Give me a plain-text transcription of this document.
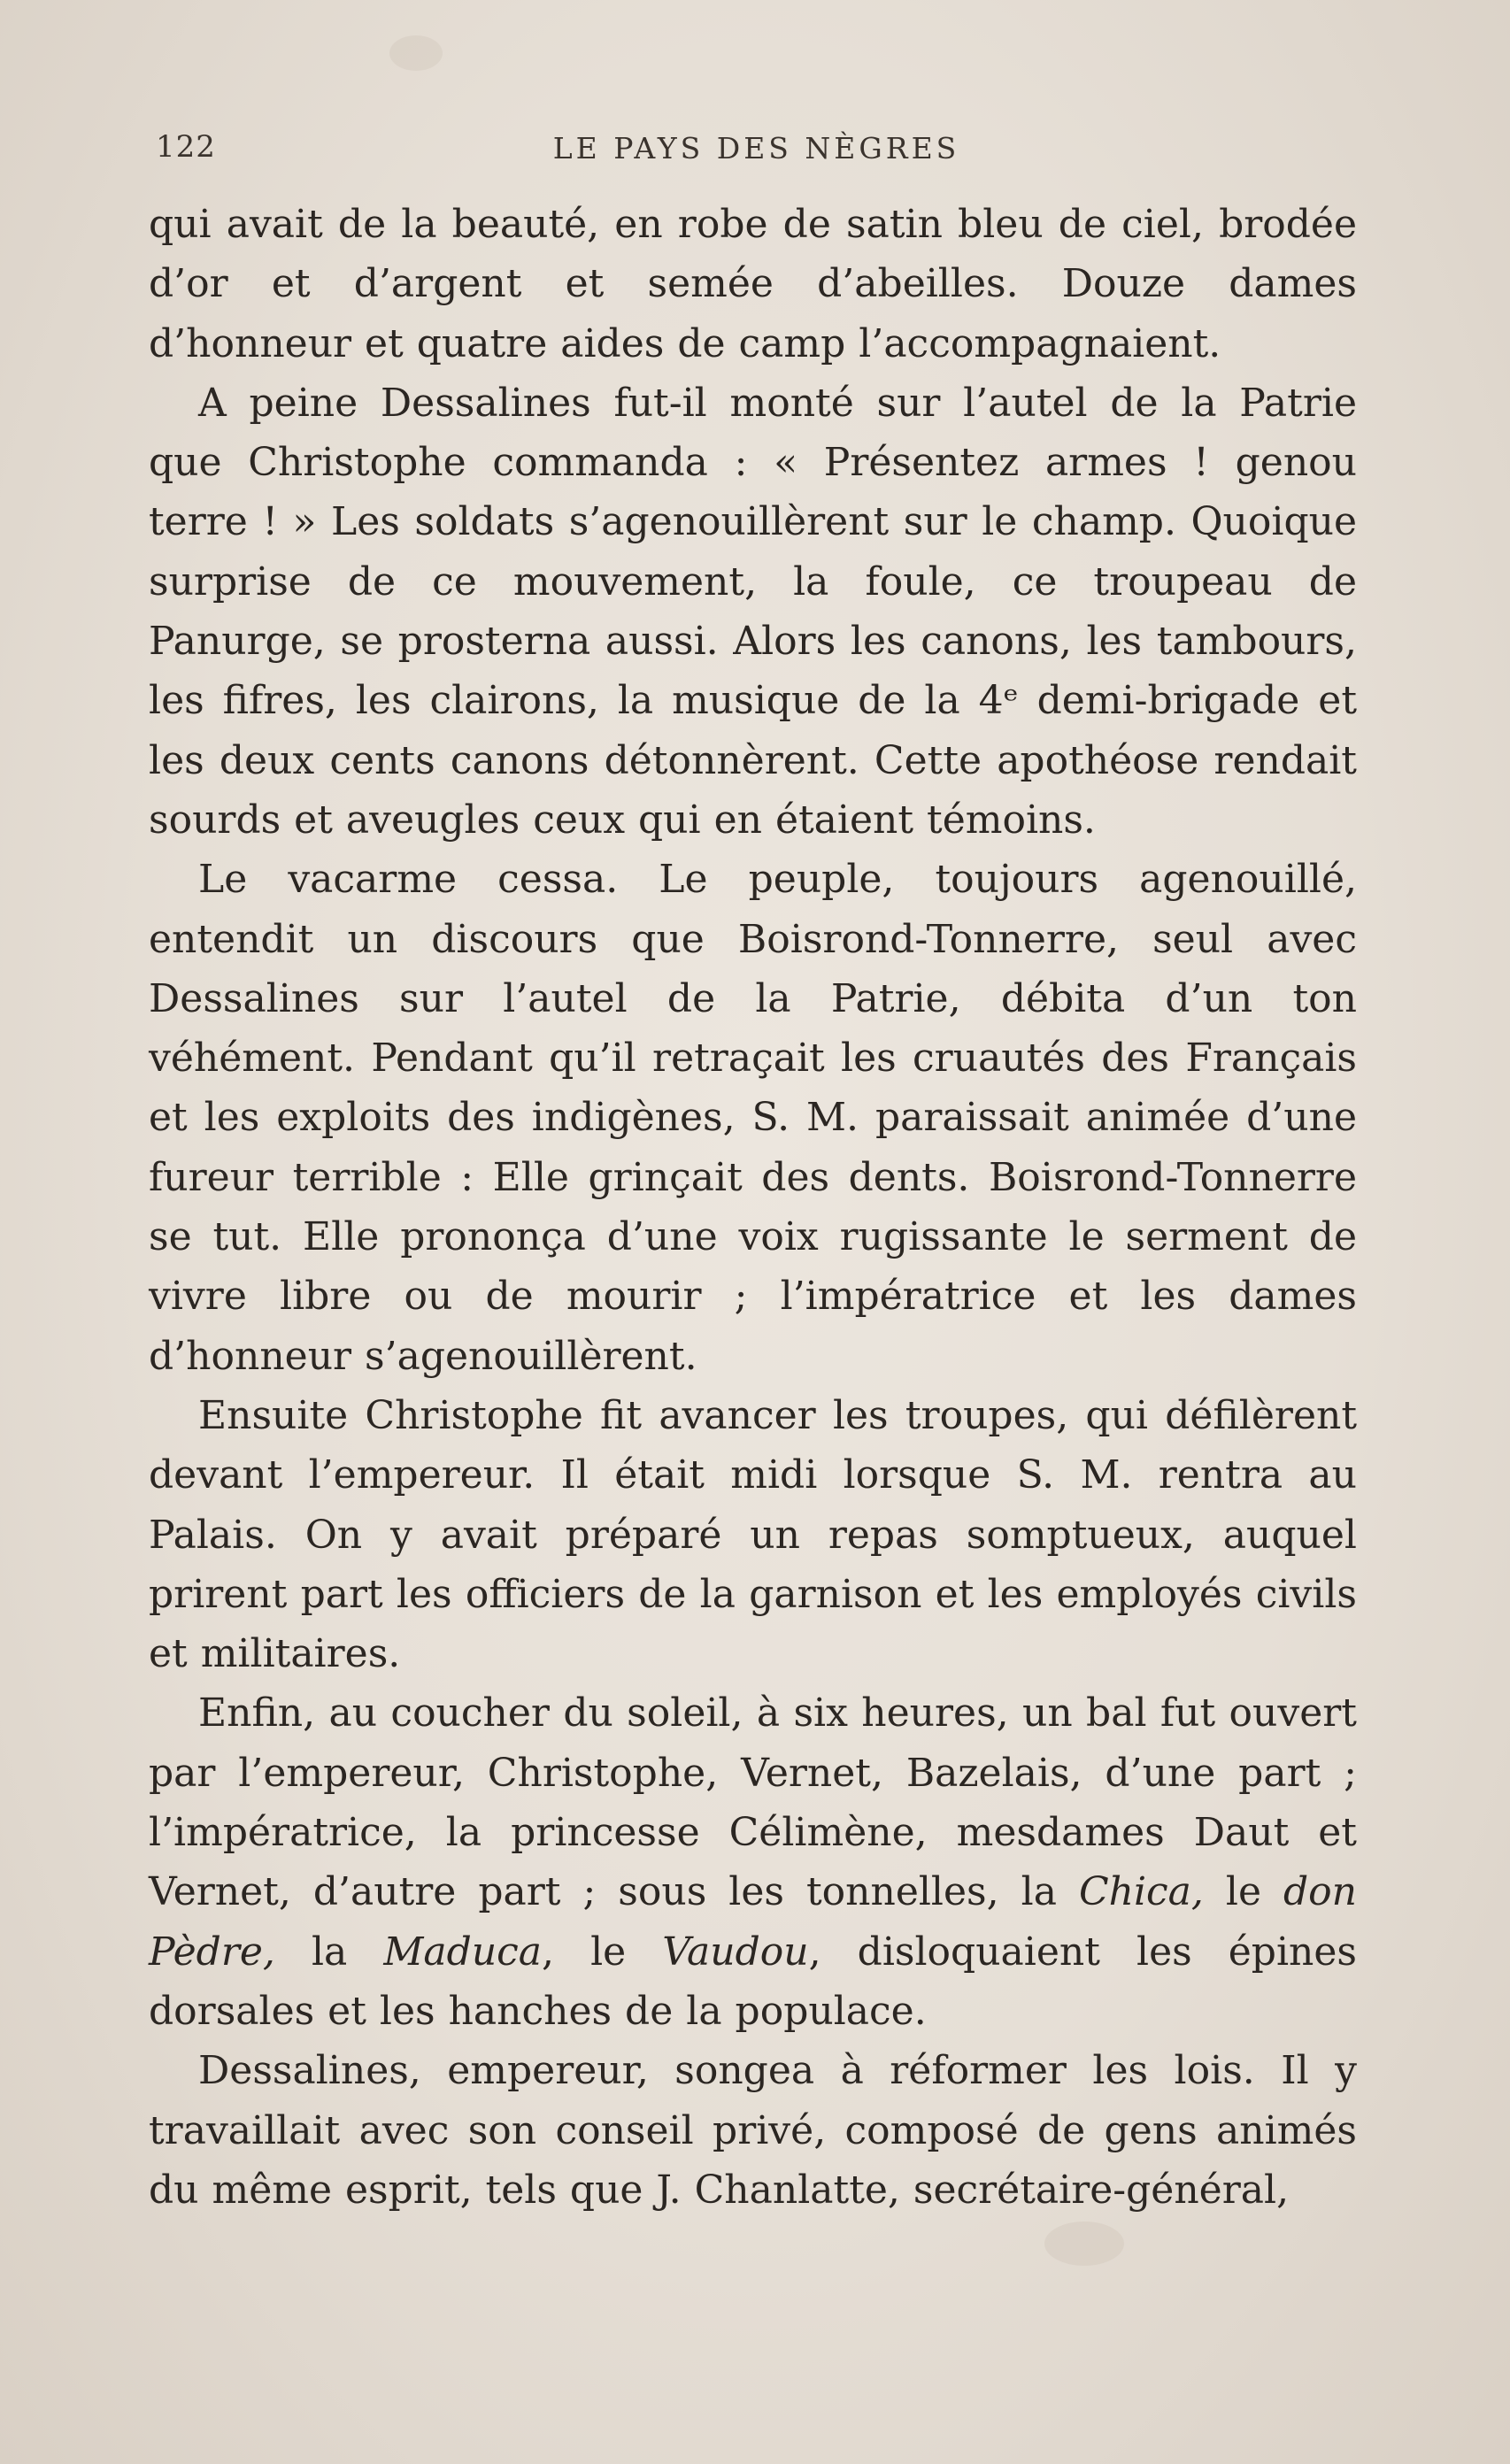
122	LE PAYS DES NÈGRES

qui avait de la beauté, en robe de satin bleu de ciel, brodée d’or et d’argent et semée d’abeilles. Douze dames d’honneur et quatre aides de camp l’accompagnaient.

A peine Dessalines fut-il monté sur l’autel de la Patrie que Christophe commanda : « Présentez armes ! genou terre ! » Les soldats s’agenouillèrent sur le champ. Quoique surprise de ce mouvement, la foule, ce troupeau de Panurge, se prosterna aussi. Alors les canons, les tambours, les fifres, les clairons, la musique de la 4ᵉ demi-brigade et les deux cents canons détonnèrent. Cette apothéose rendait sourds et aveugles ceux qui en étaient témoins.

Le vacarme cessa. Le peuple, toujours agenouillé, entendit un discours que Boisrond-Tonnerre, seul avec Dessalines sur l’autel de la Patrie, débita d’un ton véhément. Pendant qu’il retraçait les cruautés des Français et les exploits des indigènes, S. M. paraissait animée d’une fureur terrible : Elle grinçait des dents. Boisrond-Tonnerre se tut. Elle prononça d’une voix rugissante le serment de vivre libre ou de mourir ; l’impératrice et les dames d’honneur s’agenouillèrent.

Ensuite Christophe fit avancer les troupes, qui défilèrent devant l’empereur. Il était midi lorsque S. M. rentra au Palais. On y avait préparé un repas somptueux, auquel prirent part les officiers de la garnison et les employés civils et militaires.

Enfin, au coucher du soleil, à six heures, un bal fut ouvert par l’empereur, Christophe, Vernet, Bazelais, d’une part ; l’impératrice, la princesse Célimène, mesdames Daut et Vernet, d’autre part ; sous les tonnelles, la Chica, le don Pèdre, la Maduca, le Vaudou, disloquaient les épines dorsales et les hanches de la populace.

Dessalines, empereur, songea à réformer les lois. Il y travaillait avec son conseil privé, composé de gens animés du même esprit, tels que J. Chanlatte, secrétaire-général,
